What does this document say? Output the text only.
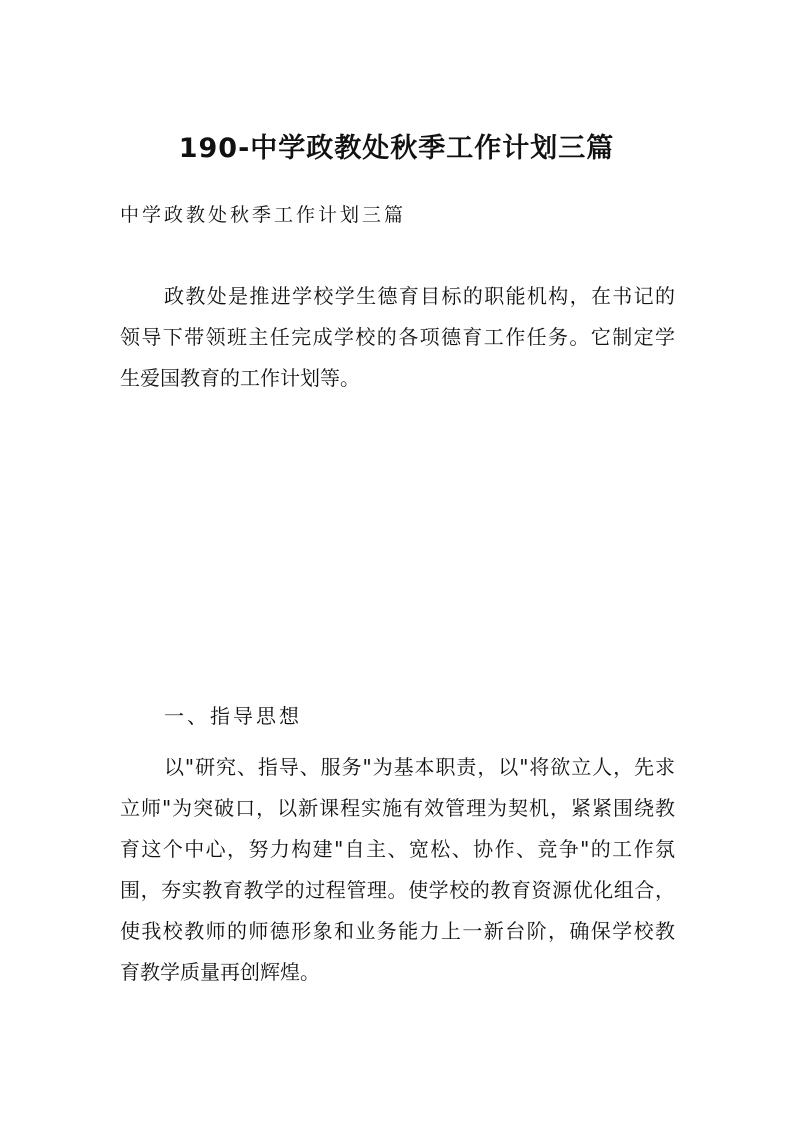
190-中学政教处秋季工作计划三篇
中学政教处秋季工作计划三篇
政教处是推进学校学生德育目标的职能机构，在书记的
领导下带领班主任完成学校的各项德育工作任务。它制定学
生爱国教育的工作计划等。
一、指导思想
以"研究、指导、服务"为基本职责，以"将欲立人，先求
立师"为突破口，以新课程实施有效管理为契机，紧紧围绕教
育这个中心，努力构建"自主、宽松、协作、竞争"的工作氛
围，夯实教育教学的过程管理。使学校的教育资源优化组合，
使我校教师的师德形象和业务能力上一新台阶，确保学校教
育教学质量再创辉煌。
